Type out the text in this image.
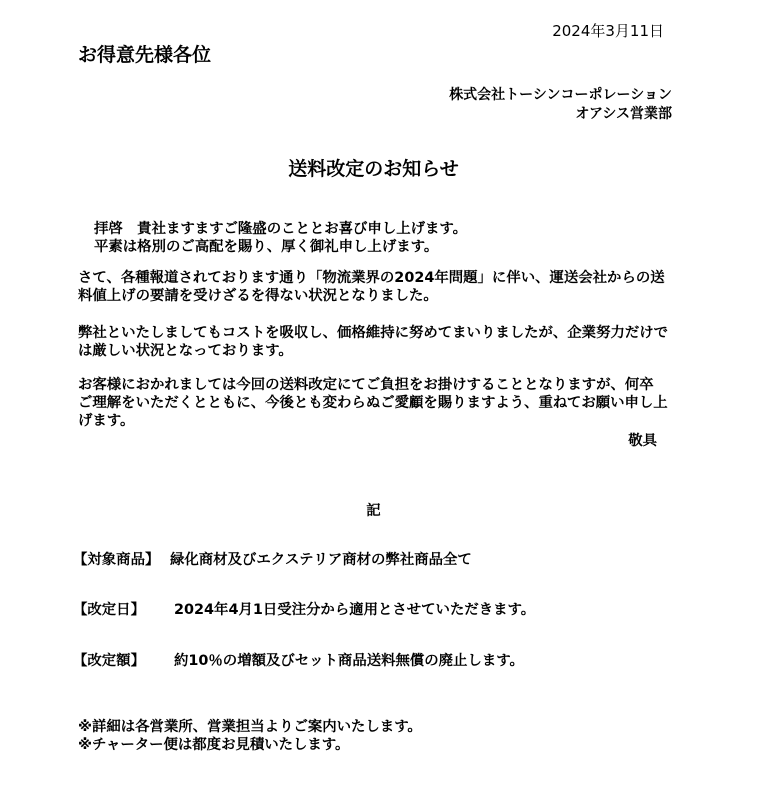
2024年3月11日
お得意先様各位
株式会社トーシンコーポレーション
オアシス営業部
送料改定のお知らせ
拝啓　貴社ますますご隆盛のこととお喜び申し上げます。
平素は格別のご高配を賜り、厚く御礼申し上げます。
さて、各種報道されております通り「物流業界の2024年問題」に伴い、運送会社からの送
料値上げの要請を受けざるを得ない状況となりました。
弊社といたしましてもコストを吸収し、価格維持に努めてまいりましたが、企業努力だけで
は厳しい状況となっております。
お客様におかれましては今回の送料改定にてご負担をお掛けすることとなりますが、何卒
ご理解をいただくとともに、今後とも変わらぬご愛顧を賜りますよう、重ねてお願い申し上
げます。
敬具
記
【対象商品】 緑化商材及びエクステリア商材の弊社商品全て
【改定日】 2024年4月1日受注分から適用とさせていただきます。
【改定額】 約10％の増額及びセット商品送料無償の廃止します。
※詳細は各営業所、営業担当よりご案内いたします。
※チャーター便は都度お見積いたします。
